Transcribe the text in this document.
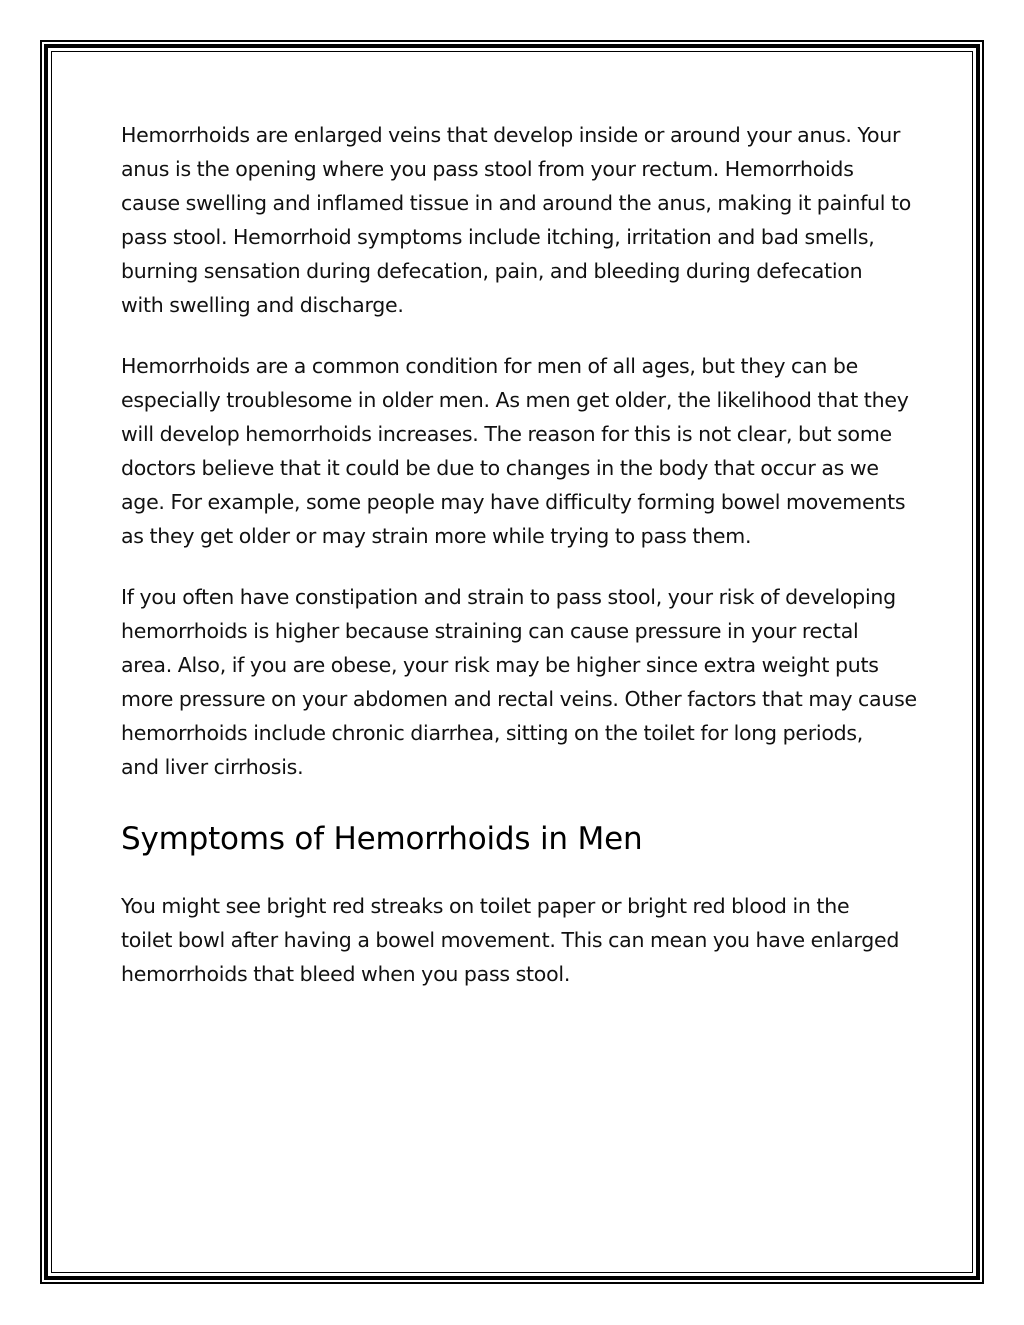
Hemorrhoids are enlarged veins that develop inside or around your anus. Your
anus is the opening where you pass stool from your rectum. Hemorrhoids
cause swelling and inflamed tissue in and around the anus, making it painful to
pass stool. Hemorrhoid symptoms include itching, irritation and bad smells,
burning sensation during defecation, pain, and bleeding during defecation
with swelling and discharge.

Hemorrhoids are a common condition for men of all ages, but they can be
especially troublesome in older men. As men get older, the likelihood that they
will develop hemorrhoids increases. The reason for this is not clear, but some
doctors believe that it could be due to changes in the body that occur as we
age. For example, some people may have difficulty forming bowel movements
as they get older or may strain more while trying to pass them.

If you often have constipation and strain to pass stool, your risk of developing
hemorrhoids is higher because straining can cause pressure in your rectal
area. Also, if you are obese, your risk may be higher since extra weight puts
more pressure on your abdomen and rectal veins. Other factors that may cause
hemorrhoids include chronic diarrhea, sitting on the toilet for long periods,
and liver cirrhosis.

Symptoms of Hemorrhoids in Men

You might see bright red streaks on toilet paper or bright red blood in the
toilet bowl after having a bowel movement. This can mean you have enlarged
hemorrhoids that bleed when you pass stool.
